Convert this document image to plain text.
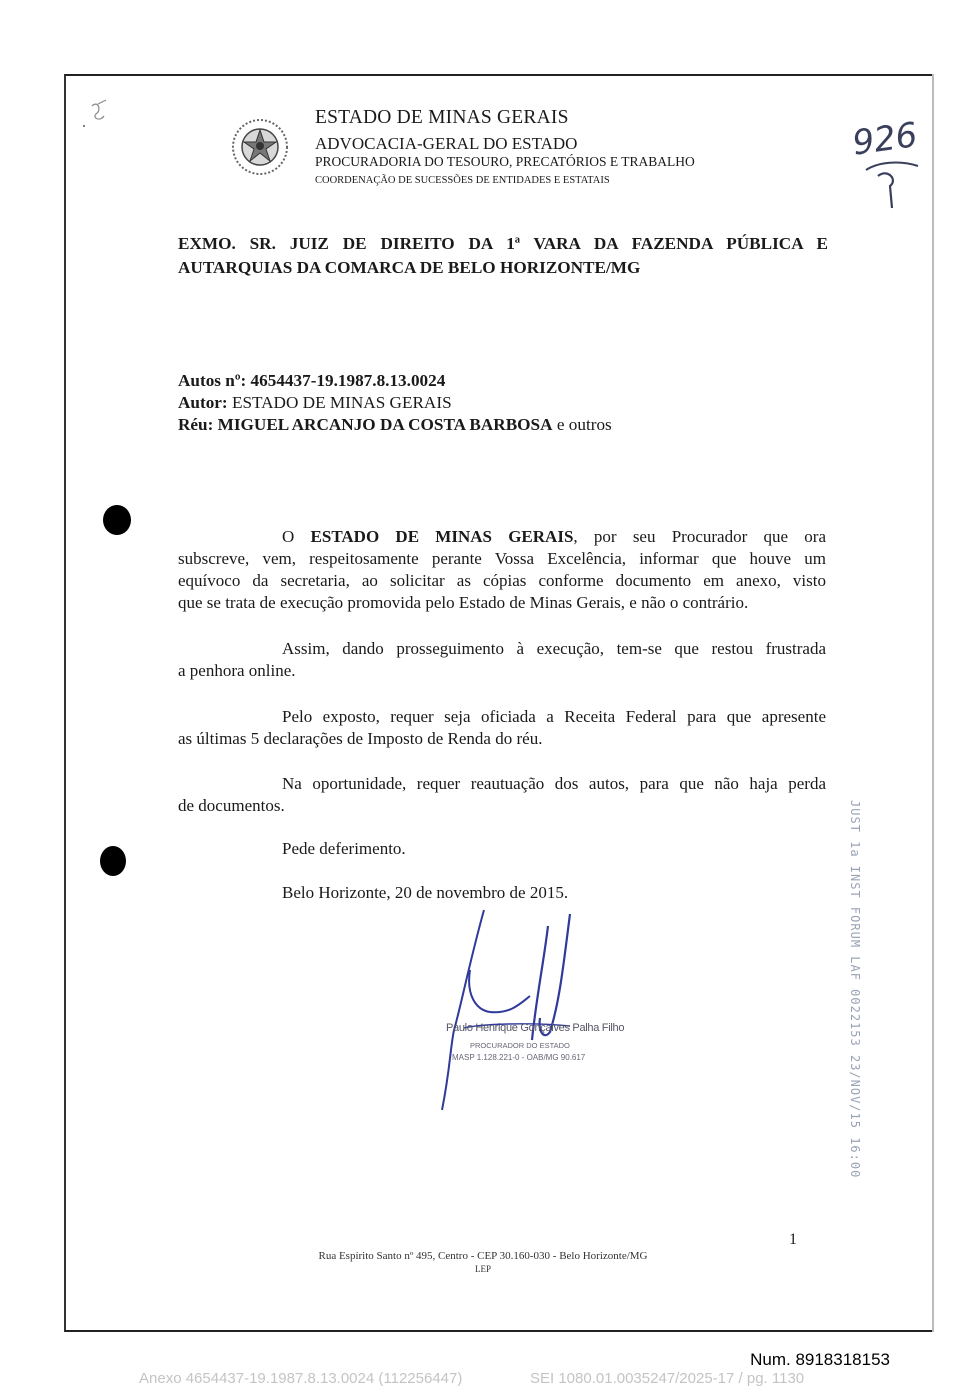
ESTADO DE MINAS GERAIS
ADVOCACIA-GERAL DO ESTADO
PROCURADORIA DO TESOURO, PRECATÓRIOS E TRABALHO
COORDENAÇÃO DE SUCESSÕES DE ENTIDADES E ESTATAIS
926
EXMO. SR. JUIZ DE DIREITO DA 1ª VARA DA FAZENDA PÚBLICA E
AUTARQUIAS DA COMARCA DE BELO HORIZONTE/MG
Autos nº: 4654437-19.1987.8.13.0024
Autor: ESTADO DE MINAS GERAIS
Réu: MIGUEL ARCANJO DA COSTA BARBOSA e outros
O ESTADO DE MINAS GERAIS, por seu Procurador que ora
subscreve, vem, respeitosamente perante Vossa Excelência, informar que houve um
equívoco da secretaria, ao solicitar as cópias conforme documento em anexo, visto
que se trata de execução promovida pelo Estado de Minas Gerais, e não o contrário.
Assim, dando prosseguimento à execução, tem-se que restou frustrada
a penhora online.
Pelo exposto, requer seja oficiada a Receita Federal para que apresente
as últimas 5 declarações de Imposto de Renda do réu.
Na oportunidade, requer reautuação dos autos, para que não haja perda
de documentos.
Pede deferimento.
Belo Horizonte, 20 de novembro de 2015.
Paulo Henrique Gonçalves Palha Filho
PROCURADOR DO ESTADO
MASP 1.128.221-0 - OAB/MG 90.617	JUST 1a INST FORUM LAF 0022153 23/NOV/15 16:00
1
Rua Espírito Santo nº 495, Centro - CEP 30.160-030 - Belo Horizonte/MG
LEP
Num. 8918318153
Anexo 4654437-19.1987.8.13.0024 (112256447)	SEI 1080.01.0035247/2025-17 / pg. 1130
